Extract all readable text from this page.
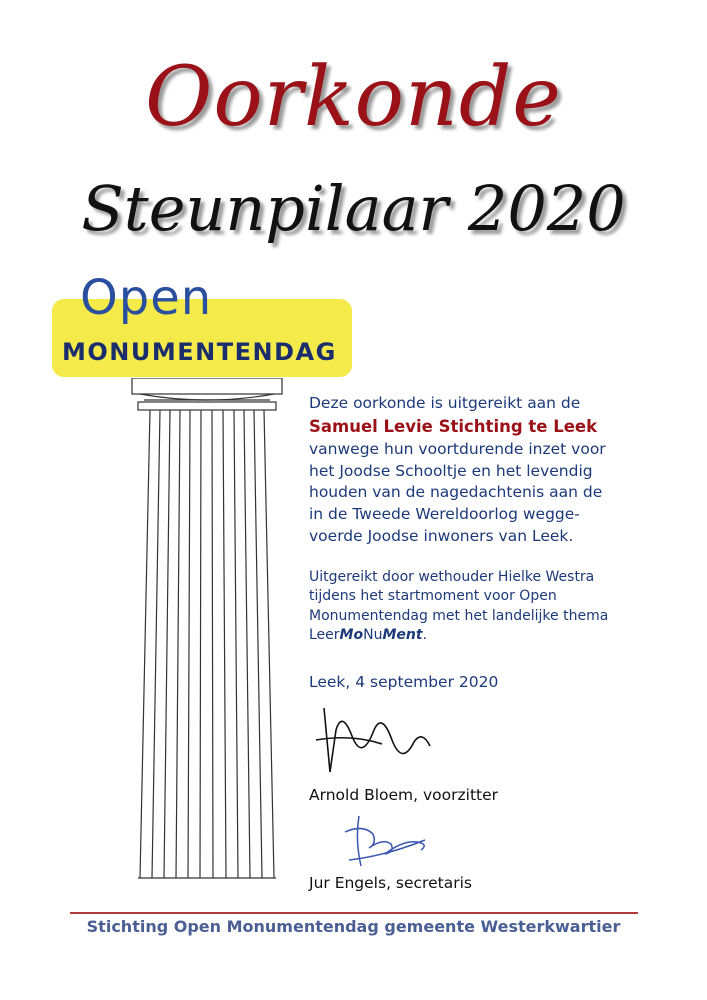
Oorkonde
Steunpilaar 2020
Open
MONUMENTENDAG

Deze oorkonde is uitgereikt aan de

Samuel Levie Stichting te Leek

vanwege hun voortdurende inzet voor

het Joodse Schooltje en het levendig

houden van de nagedachtenis aan de

in de Tweede Wereldoorlog wegge-

voerde Joodse inwoners van Leek.

Uitgereikt door wethouder Hielke Westra

tijdens het startmoment voor Open

Monumentendag met het landelijke thema

LeerMoNuMent.

Leek, 4 september 2020

Arnold Bloem, voorzitter
Jur Engels, secretaris
Stichting Open Monumentendag gemeente Westerkwartier
